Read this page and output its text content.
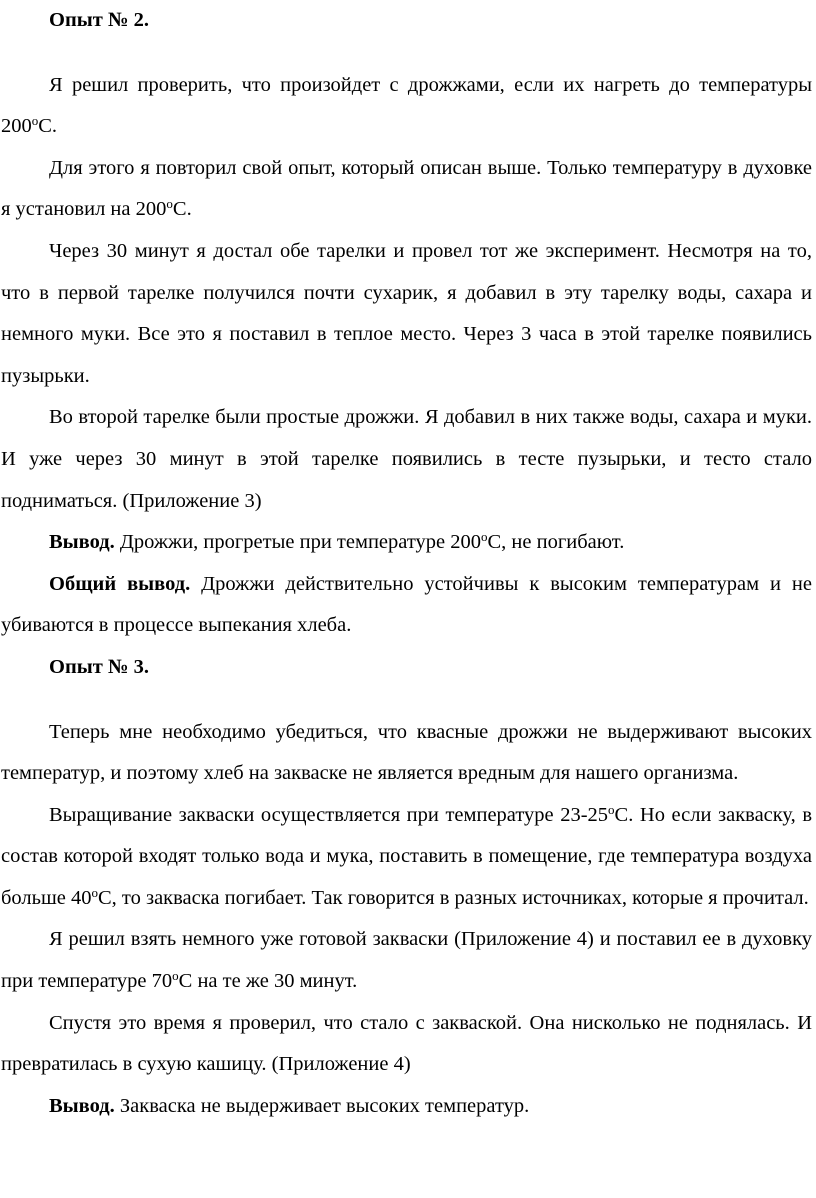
Опыт № 2.

Я решил проверить, что произойдет с дрожжами, если их нагреть до температуры $200^оС$.

Для этого я повторил свой опыт, который описан выше. Только температуру в духовке я установил на $200^оС$.

Через 30 минут я достал обе тарелки и провел тот же эксперимент. Несмотря на то, что в первой тарелке получился почти сухарик, я добавил в эту тарелку воды, сахара и немного муки. Все это я поставил в теплое место. Через 3 часа в этой тарелке появились пузырьки.

Во второй тарелке были простые дрожжи. Я добавил в них также воды, сахара и муки. И уже через 30 минут в этой тарелке появились в тесте пузырьки, и тесто стало подниматься. (Приложение 3)

Вывод. Дрожжи, прогретые при температуре $200^оС$, не погибают.

Общий вывод. Дрожжи действительно устойчивы к высоким температурам и не убиваются в процессе выпекания хлеба.

Опыт № 3.

Теперь мне необходимо убедиться, что квасные дрожжи не выдерживают высоких температур, и поэтому хлеб на закваске не является вредным для нашего организма.

Выращивание закваски осуществляется при температуре $23-25^оС$. Но если закваску, в состав которой входят только вода и мука, поставить в помещение, где температура воздуха больше $40^оС$, то закваска погибает. Так говорится в разных источниках, которые я прочитал.

Я решил взять немного уже готовой закваски (Приложение 4) и поставил ее в духовку при температуре $70^оС$ на те же 30 минут.

Спустя это время я проверил, что стало с закваской. Она нисколько не поднялась. И превратилась в сухую кашицу. (Приложение 4)

Вывод. Закваска не выдерживает высоких температур.
